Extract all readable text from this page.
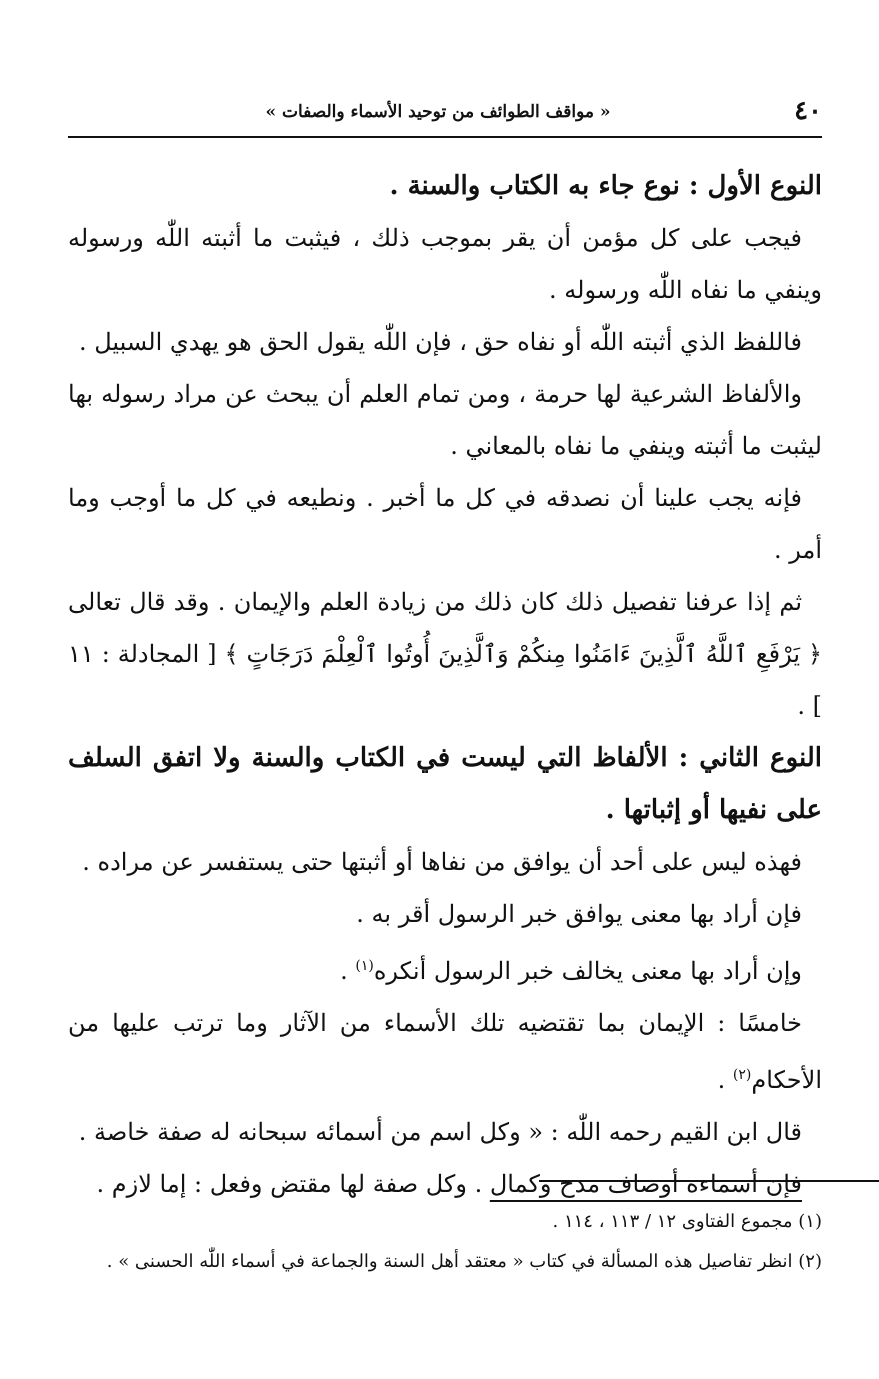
٤٠
« مواقف الطوائف من توحيد الأسماء والصفات »

النوع الأول : نوع جاء به الكتاب والسنة .

فيجب على كل مؤمن أن يقر بموجب ذلك ، فيثبت ما أثبته اللّٰه ورسوله وينفي ما نفاه اللّٰه ورسوله .

فاللفظ الذي أثبته اللّٰه أو نفاه حق ، فإن اللّٰه يقول الحق هو يهدي السبيل .

والألفاظ الشرعية لها حرمة ، ومن تمام العلم أن يبحث عن مراد رسوله بها ليثبت ما أثبته وينفي ما نفاه بالمعاني .

فإنه يجب علينا أن نصدقه في كل ما أخبر . ونطيعه في كل ما أوجب وما أمر .

ثم إذا عرفنا تفصيل ذلك كان ذلك من زيادة العلم والإيمان . وقد قال تعالى ﴿ يَرْفَعِ ٱللَّهُ ٱلَّذِينَ ءَامَنُوا مِنكُمْ وَٱلَّذِينَ أُوتُوا ٱلْعِلْمَ دَرَجَاتٍ ﴾ [ المجادلة : ١١ ] .

النوع الثاني : الألفاظ التي ليست في الكتاب والسنة ولا اتفق السلف على نفيها أو إثباتها .

فهذه ليس على أحد أن يوافق من نفاها أو أثبتها حتى يستفسر عن مراده .

فإن أراد بها معنى يوافق خبر الرسول أقر به .

وإن أراد بها معنى يخالف خبر الرسول أنكره$^{(١)}$ .

خامسًا : الإيمان بما تقتضيه تلك الأسماء من الآثار وما ترتب عليها من الأحكام$^{(٢)}$ .

قال ابن القيم رحمه اللّٰه : « وكل اسم من أسمائه سبحانه له صفة خاصة .

فإن أسماءه أوصاف مدح وكمال . وكل صفة لها مقتض وفعل : إما لازم .

(١) مجموع الفتاوى ١٢ / ١١٣ ، ١١٤ .

(٢) انظر تفاصيل هذه المسألة في كتاب « معتقد أهل السنة والجماعة في أسماء اللّٰه الحسنى » .
